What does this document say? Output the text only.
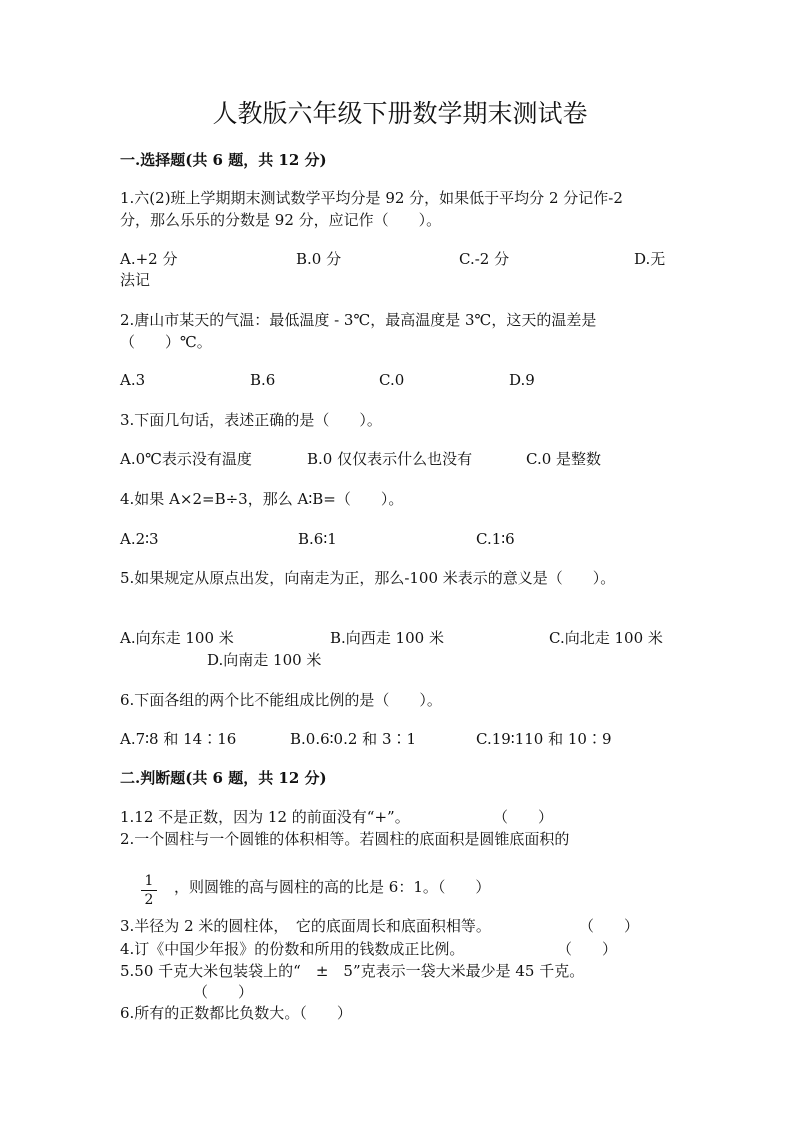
人教版六年级下册数学期末测试卷
一.选择题(共 6 题，共 12 分)
1.六(2)班上学期期末测试数学平均分是 92 分，如果低于平均分 2 分记作-2
分，那么乐乐的分数是 92 分，应记作（　　）。
A.+2 分	B.0 分	C.-2 分	D.无
法记
2.唐山市某天的气温：最低温度 - 3℃，最高温度是 3℃，这天的温差是
（　　）℃。
A.3	B.6	C.0	D.9
3.下面几句话，表述正确的是（　　）。
A.0℃表示没有温度	B.0 仅仅表示什么也没有	C.0 是整数
4.如果 A×2=B÷3，那么 A∶B=（　　）。
A.2∶3	B.6∶1	C.1∶6
5.如果规定从原点出发，向南走为正，那么-100 米表示的意义是（　　）。
A.向东走 100 米	B.向西走 100 米	C.向北走 100 米
D.向南走 100 米
6.下面各组的两个比不能组成比例的是（　　）。
A.7∶8 和 14∶16	B.0.6∶0.2 和 3∶1	C.19∶110 和 10∶9
二.判断题(共 6 题，共 12 分)
1.12 不是正数，因为 12 的前面没有“+”。	（　　）
2.一个圆柱与一个圆锥的体积相等。若圆柱的底面积是圆锥底面积的
$\frac{1}{2}$ ，则圆锥的高与圆柱的高的比是 6：1。（　　）
3.半径为 2 米的圆柱体，　它的底面周长和底面积相等。	（　　）
4.订《中国少年报》的份数和所用的钱数成正比例。	（　　）
5.50 千克大米包装袋上的“　±　5”克表示一袋大米最少是 45 千克。
（　　）
6.所有的正数都比负数大。（　　）
